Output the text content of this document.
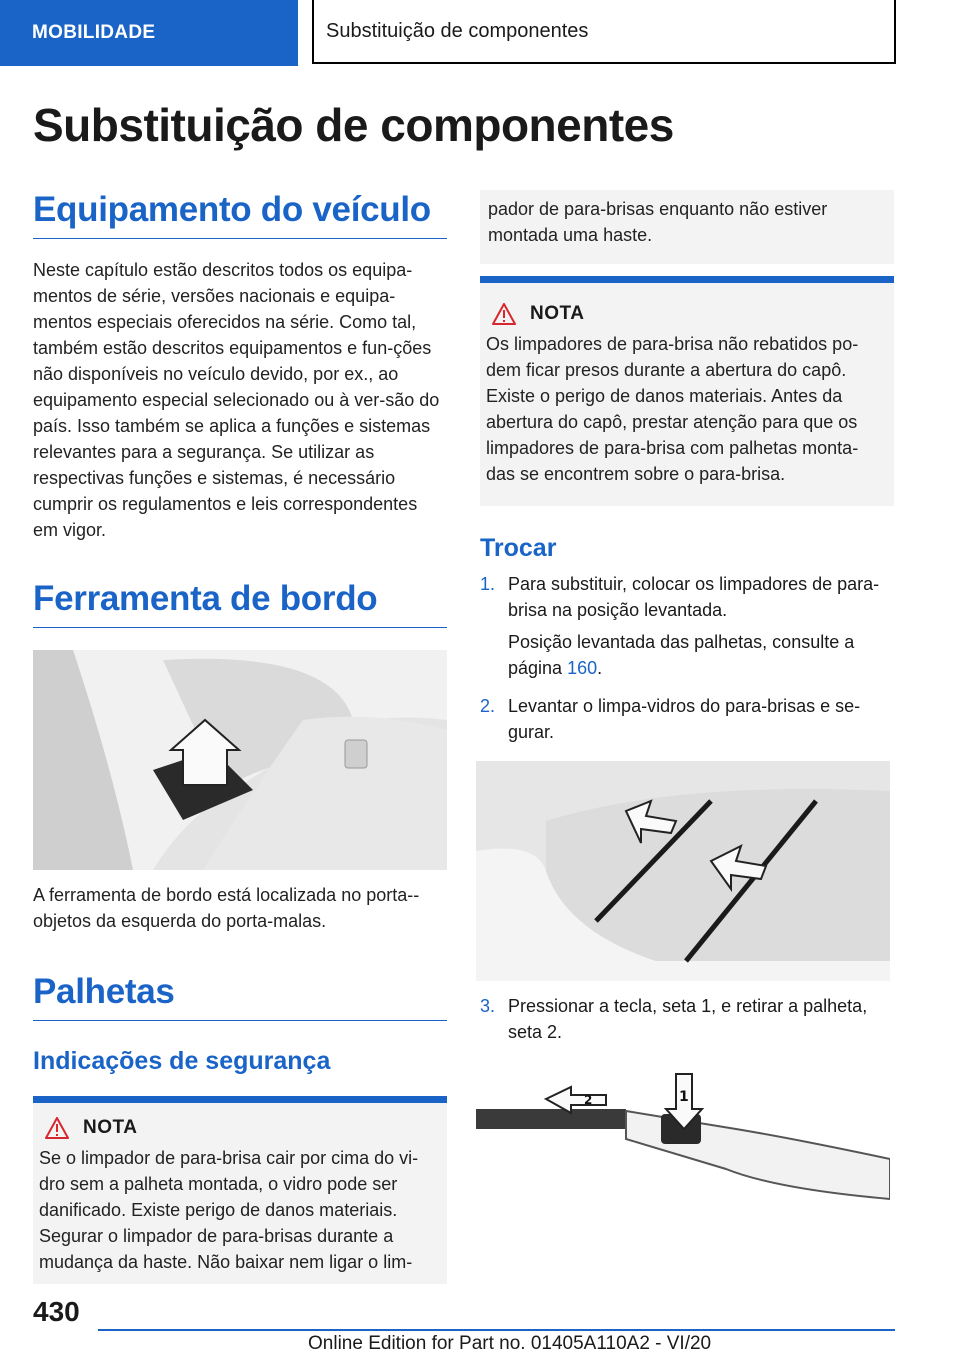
MOBILIDADE	Substituição de componentes
Substituição de componentes
Equipamento do veículo

Neste capítulo estão descritos todos os equipa-mentos de série, versões nacionais e equipa-mentos especiais oferecidos na série. Como tal, também estão descritos equipamentos e fun-ções não disponíveis no veículo devido, por ex., ao equipamento especial selecionado ou à ver-são do país. Isso também se aplica a funções e sistemas relevantes para a segurança. Se utilizar as respectivas funções e sistemas, é necessário cumprir os regulamentos e leis correspondentes em vigor.

Ferramenta de bordo

A ferramenta de bordo está localizada no porta--objetos da esquerda do porta-malas.

Palhetas
Indicações de segurança
NOTA

Se o limpador de para-brisa cair por cima do vi-dro sem a palheta montada, o vidro pode ser danificado. Existe perigo de danos materiais. Segurar o limpador de para-brisas durante a mudança da haste. Não baixar nem ligar o lim-

pador de para-brisas enquanto não estiver montada uma haste.

NOTA

Os limpadores de para-brisa não rebatidos po-dem ficar presos durante a abertura do capô. Existe o perigo de danos materiais. Antes da abertura do capô, prestar atenção para que os limpadores de para-brisa com palhetas monta-das se encontrem sobre o para-brisa.

Trocar
1. Para substituir, colocar os limpadores de para-brisa na posição levantada.

Posição levantada das palhetas, consulte a página 160.

2. Levantar o limpa-vidros do para-brisas e se-gurar.

3. Pressionar a tecla, seta 1, e retirar a palheta, seta 2.

2	1
430
Online Edition for Part no. 01405A110A2 - VI/20
